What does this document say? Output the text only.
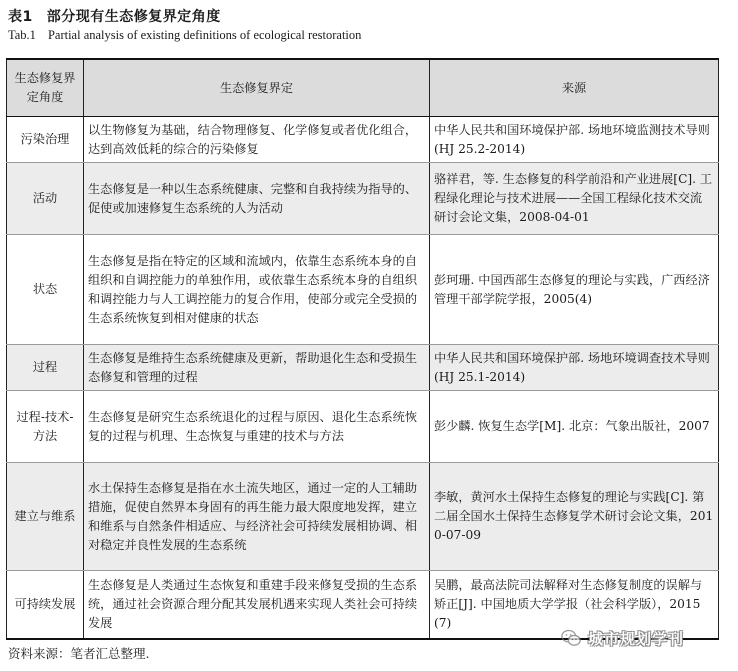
表1 部分现有生态修复界定角度
Tab.1 Partial analysis of existing definitions of ecological restoration
生态修复界定角度	生态修复界定	来源
污染治理	以生物修复为基础，结合物理修复、化学修复或者优化组合，达到高效低耗的综合的污染修复	中华人民共和国环境保护部. 场地环境监测技术导则(HJ 25.2-2014)
活动	生态修复是一种以生态系统健康、完整和自我持续为指导的、促使或加速修复生态系统的人为活动	骆祥君，等. 生态修复的科学前沿和产业进展[C]. 工程绿化理论与技术进展——全国工程绿化技术交流研讨会论文集，2008-04-01
状态	生态修复是指在特定的区域和流域内，依靠生态系统本身的自组织和自调控能力的单独作用，或依靠生态系统本身的自组织和调控能力与人工调控能力的复合作用，使部分或完全受损的生态系统恢复到相对健康的状态	彭珂珊. 中国西部生态修复的理论与实践，广西经济管理干部学院学报，2005(4)
过程	生态修复是维持生态系统健康及更新，帮助退化生态和受损生态修复和管理的过程	中华人民共和国环境保护部. 场地环境调查技术导则(HJ 25.1-2014)
过程-技术-方法	生态修复是研究生态系统退化的过程与原因、退化生态系统恢复的过程与机理、生态恢复与重建的技术与方法	彭少麟. 恢复生态学[M]. 北京：气象出版社，2007
建立与维系	水土保持生态修复是指在水土流失地区，通过一定的人工辅助措施，促使自然界本身固有的再生能力最大限度地发挥，建立和维系与自然条件相适应、与经济社会可持续发展相协调、相对稳定并良性发展的生态系统	李敏，黄河水土保持生态修复的理论与实践[C]. 第二届全国水土保持生态修复学术研讨会论文集，2010-07-09
可持续发展	生态修复是人类通过生态恢复和重建手段来修复受损的生态系统，通过社会资源合理分配其发展机遇来实现人类社会可持续发展	吴鹏，最高法院司法解释对生态修复制度的误解与矫正[J]. 中国地质大学学报（社会科学版），2015(7)
资料来源：笔者汇总整理.
城市规划学刊
